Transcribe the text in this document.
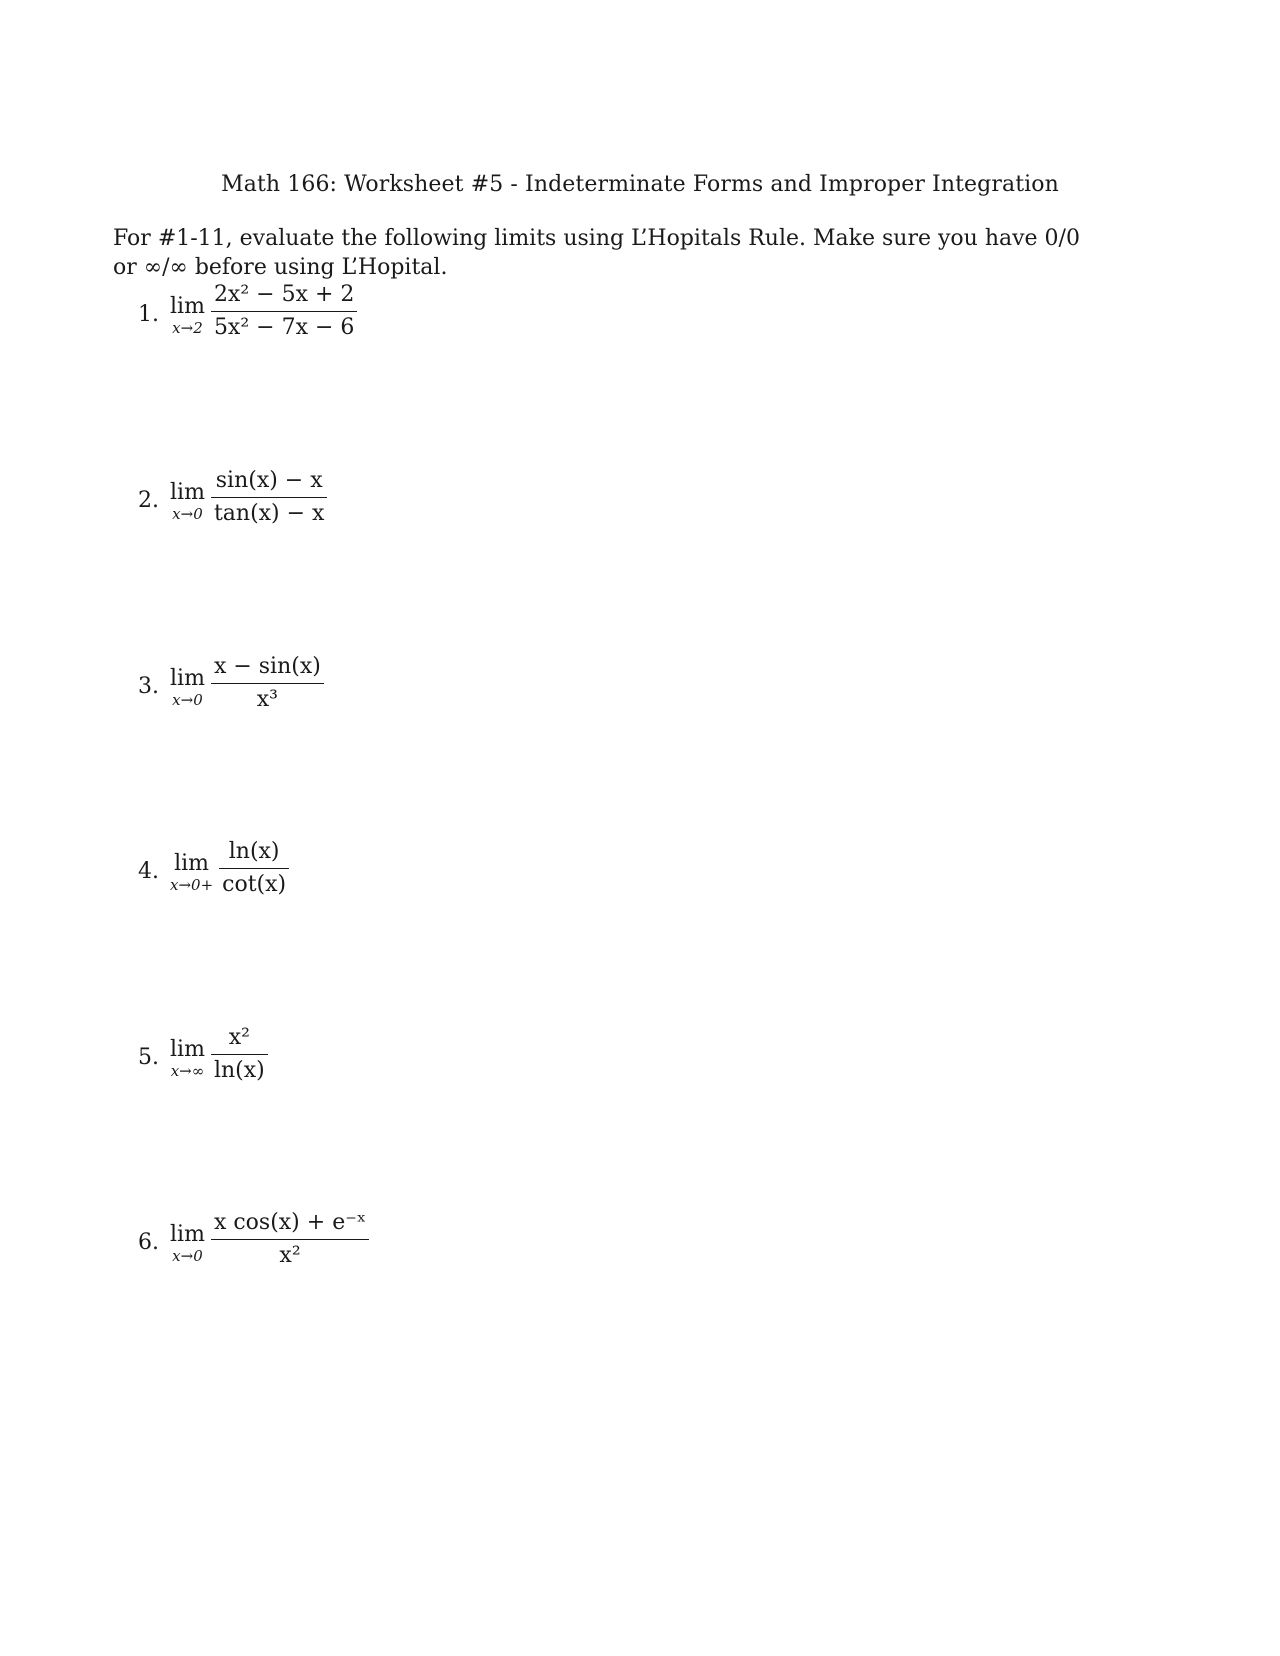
Math 166: Worksheet #5 - Indeterminate Forms and Improper Integration
For #1-11, evaluate the following limits using L’Hopitals Rule. Make sure you have 0/0 or ∞/∞ before using L’Hopital.
1. lim
$x\to 2 \frac{\text{2x² − 5x + 2}}{\text{5x² − 7x − 6}}$
2. lim
$x\to 0 \frac{\sin(x) - x}{\tan(x) - x}$
3. lim
$x\to 0 \frac{x - \sin(x)}{\text{x³}}$
4. lim
$x\to 0+ \frac{\ln(x)}{\cot(x)}$
5. lim
$x\to\infty \frac{\text{x²}}{\ln(x)}$
6. lim
$x\to 0 \frac{\text{x cos(x) + e⁻ˣ}}{\text{x²}}$
